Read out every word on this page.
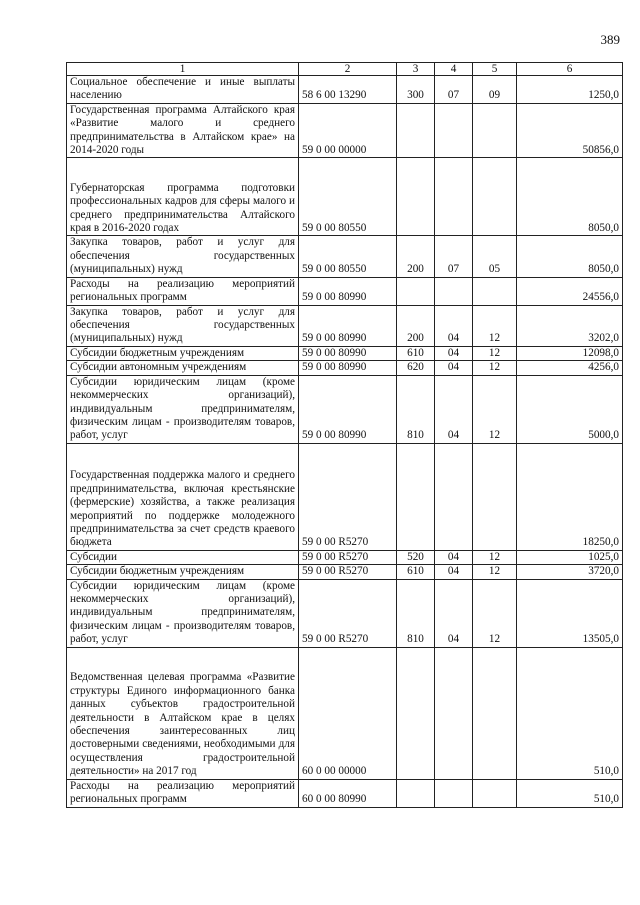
389
1	2	3	4	5	6
Социальное обеспечение и иные выплаты населению	58 6 00 13290	300	07	09	1250,0
Государственная программа Алтайского края «Развитие малого и среднего предпринимательства в Алтайском крае» на 2014-2020 годы	59 0 00 00000				50856,0
Губернаторская программа подготовки профессиональных кадров для сферы малого и среднего предпринимательства Алтайского края в 2016-2020 годах	59 0 00 80550				8050,0
Закупка товаров, работ и услуг для обеспечения государственных (муниципальных) нужд	59 0 00 80550	200	07	05	8050,0
Расходы на реализацию мероприятий региональных программ	59 0 00 80990				24556,0
Закупка товаров, работ и услуг для обеспечения государственных (муниципальных) нужд	59 0 00 80990	200	04	12	3202,0
Субсидии бюджетным учреждениям	59 0 00 80990	610	04	12	12098,0
Субсидии автономным учреждениям	59 0 00 80990	620	04	12	4256,0
Субсидии юридическим лицам (кроме некоммерческих организаций), индивидуальным предпринимателям, физическим лицам - производителям товаров, работ, услуг	59 0 00 80990	810	04	12	5000,0
Государственная поддержка малого и среднего предпринимательства, включая крестьянские (фермерские) хозяйства, а также реализация мероприятий по поддержке молодежного предпринимательства за счет средств краевого бюджета	59 0 00 R5270				18250,0
Субсидии	59 0 00 R5270	520	04	12	1025,0
Субсидии бюджетным учреждениям	59 0 00 R5270	610	04	12	3720,0
Субсидии юридическим лицам (кроме некоммерческих организаций), индивидуальным предпринимателям, физическим лицам - производителям товаров, работ, услуг	59 0 00 R5270	810	04	12	13505,0
Ведомственная целевая программа «Развитие структуры Единого информационного банка данных субъектов градостроительной деятельности в Алтайском крае в целях обеспечения заинтересованных лиц достоверными сведениями, необходимыми для осуществления градостроительной деятельности» на 2017 год	60 0 00 00000				510,0
Расходы на реализацию мероприятий региональных программ	60 0 00 80990				510,0
